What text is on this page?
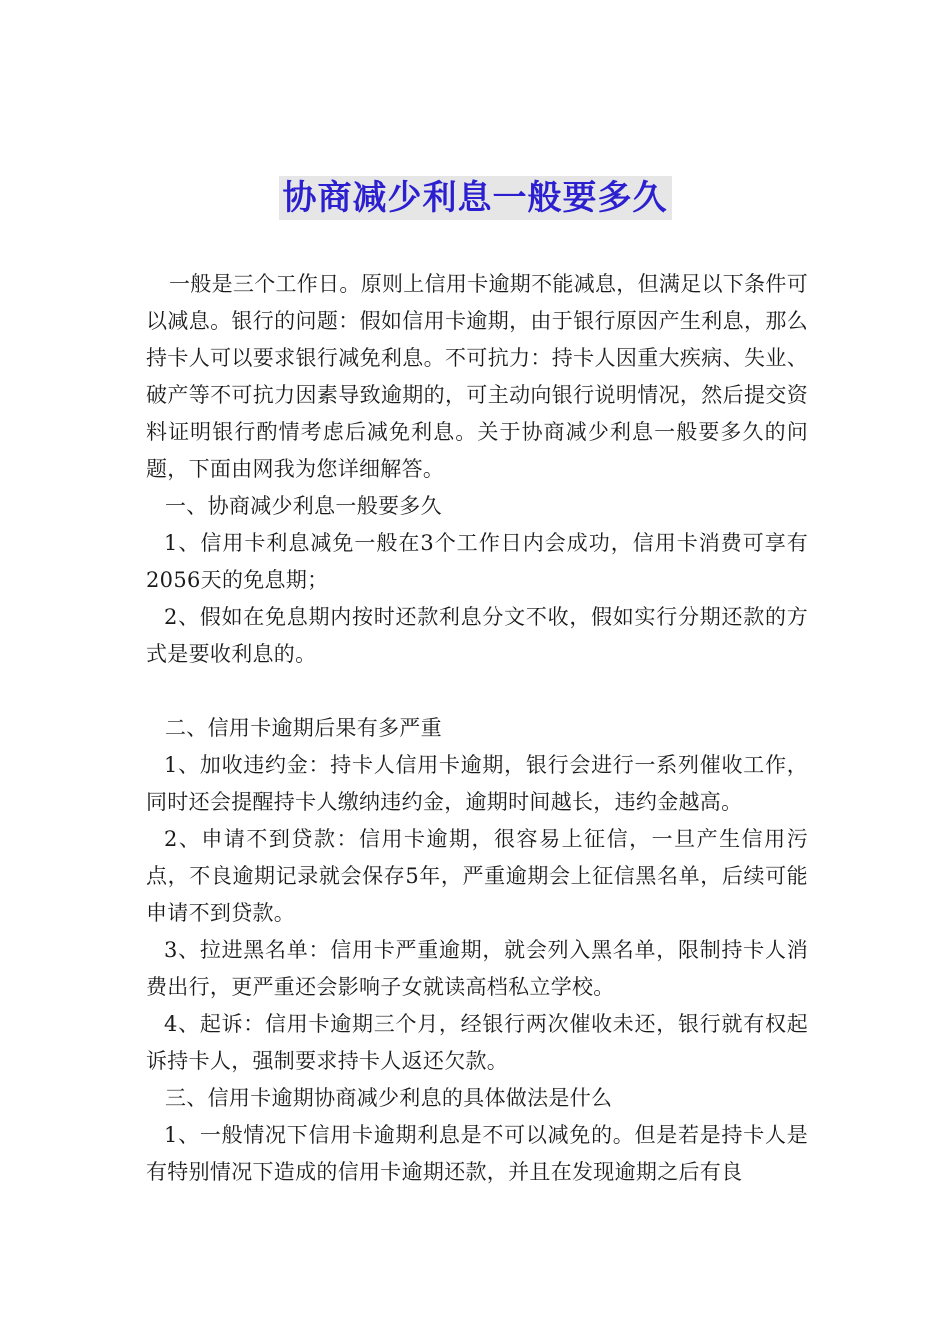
协商减少利息一般要多久

一般是三个工作日。原则上信用卡逾期不能减息，但满足以下条件可以减息。银行的问题：假如信用卡逾期，由于银行原因产生利息，那么持卡人可以要求银行减免利息。不可抗力：持卡人因重大疾病、失业、破产等不可抗力因素导致逾期的，可主动向银行说明情况，然后提交资料证明银行酌情考虑后减免利息。关于协商减少利息一般要多久的问题，下面由网我为您详细解答。

一、协商减少利息一般要多久

1、信用卡利息减免一般在3个工作日内会成功，信用卡消费可享有2056天的免息期；

2、假如在免息期内按时还款利息分文不收，假如实行分期还款的方式是要收利息的。

二、信用卡逾期后果有多严重

1、加收违约金：持卡人信用卡逾期，银行会进行一系列催收工作，同时还会提醒持卡人缴纳违约金，逾期时间越长，违约金越高。

2、申请不到贷款：信用卡逾期，很容易上征信，一旦产生信用污点，不良逾期记录就会保存5年，严重逾期会上征信黑名单，后续可能申请不到贷款。

3、拉进黑名单：信用卡严重逾期，就会列入黑名单，限制持卡人消费出行，更严重还会影响子女就读高档私立学校。

4、起诉：信用卡逾期三个月，经银行两次催收未还，银行就有权起诉持卡人，强制要求持卡人返还欠款。

三、信用卡逾期协商减少利息的具体做法是什么

1、一般情况下信用卡逾期利息是不可以减免的。但是若是持卡人是有特别情况下造成的信用卡逾期还款，并且在发现逾期之后有良
